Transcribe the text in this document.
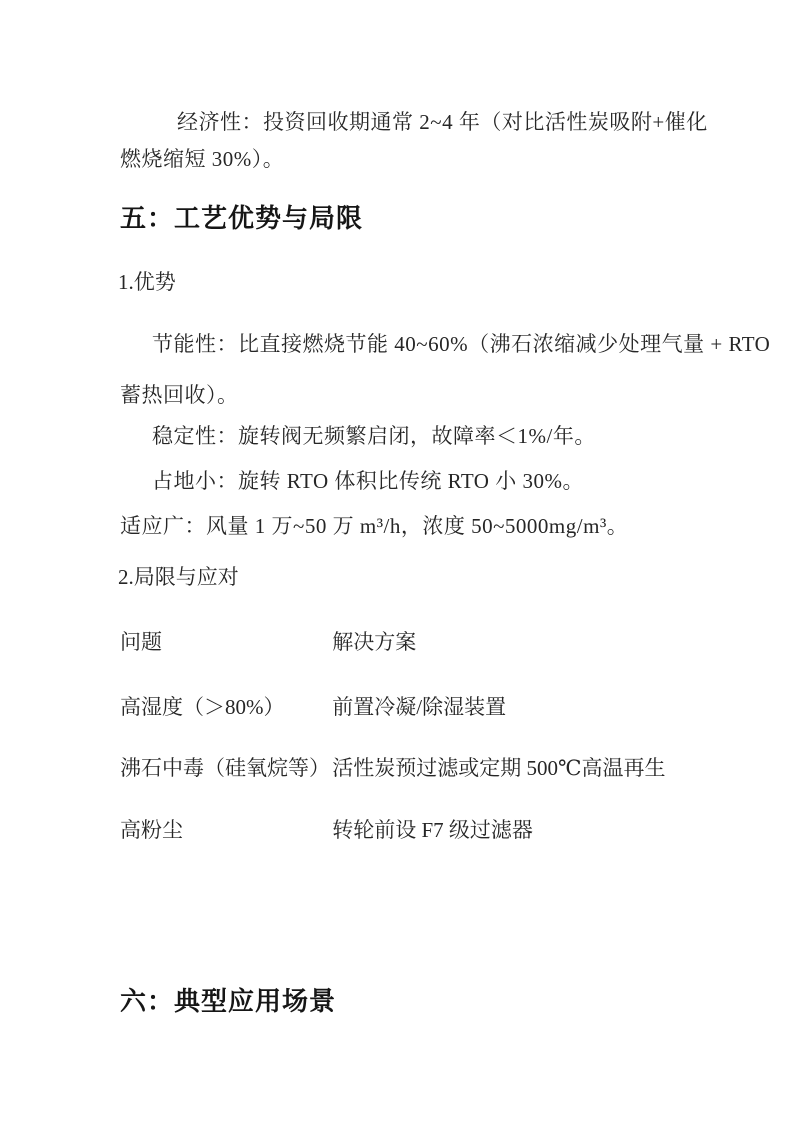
经济性：投资回收期通常 2~4 年（对比活性炭吸附+催化
燃烧缩短 30%）。
五：工艺优势与局限
1.优势
节能性：比直接燃烧节能 40~60%（沸石浓缩减少处理气量 + RTO
蓄热回收）。
稳定性：旋转阀无频繁启闭，故障率＜1%/年。
占地小：旋转 RTO 体积比传统 RTO 小 30%。
适应广：风量 1 万~50 万 m³/h，浓度 50~5000mg/m³。
2.局限与应对
问题	解决方案
高湿度（＞80%） 前置冷凝/除湿装置
沸石中毒（硅氧烷等） 活性炭预过滤或定期 500℃高温再生
高粉尘	转轮前设 F7 级过滤器
六：典型应用场景
